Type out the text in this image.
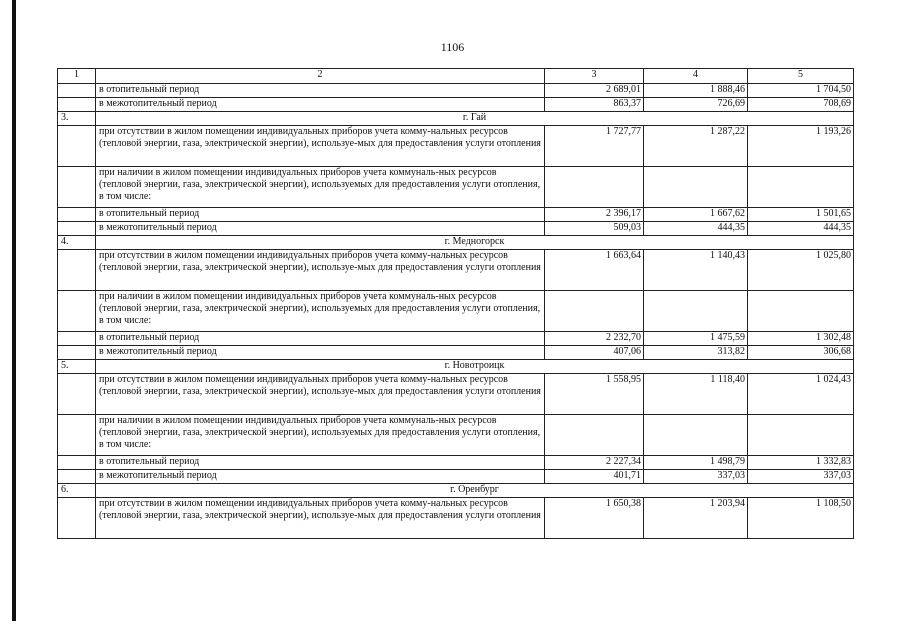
1106
1	2	3	4	5
	в отопительный период	2 689,01	1 888,46	1 704,50
	в межотопительный период	863,37	726,69	708,69
3.	г. Гай			
	при отсутствии в жилом помещении индивидуальных приборов учета комму-нальных ресурсов (тепловой энергии, газа, электрической энергии), используе-мых для предоставления услуги отопления	1 727,77	1 287,22	1 193,26
	при наличии в жилом помещении индивидуальных приборов учета коммуналь-ных ресурсов (тепловой энергии, газа, электрической энергии), используемых для предоставления услуги отопления, в том числе:			
	в отопительный период	2 396,17	1 667,62	1 501,65
	в межотопительный период	509,03	444,35	444,35
4.	г. Медногорск			
	при отсутствии в жилом помещении индивидуальных приборов учета комму-нальных ресурсов (тепловой энергии, газа, электрической энергии), используе-мых для предоставления услуги отопления	1 663,64	1 140,43	1 025,80
	при наличии в жилом помещении индивидуальных приборов учета коммуналь-ных ресурсов (тепловой энергии, газа, электрической энергии), используемых для предоставления услуги отопления, в том числе:			
	в отопительный период	2 232,70	1 475,59	1 302,48
	в межотопительный период	407,06	313,82	306,68
5.	г. Новотроицк			
	при отсутствии в жилом помещении индивидуальных приборов учета комму-нальных ресурсов (тепловой энергии, газа, электрической энергии), используе-мых для предоставления услуги отопления	1 558,95	1 118,40	1 024,43
	при наличии в жилом помещении индивидуальных приборов учета коммуналь-ных ресурсов (тепловой энергии, газа, электрической энергии), используемых для предоставления услуги отопления, в том числе:			
	в отопительный период	2 227,34	1 498,79	1 332,83
	в межотопительный период	401,71	337,03	337,03
6.	г. Оренбург			
	при отсутствии в жилом помещении индивидуальных приборов учета комму-нальных ресурсов (тепловой энергии, газа, электрической энергии), используе-мых для предоставления услуги отопления	1 650,38	1 203,94	1 108,50
